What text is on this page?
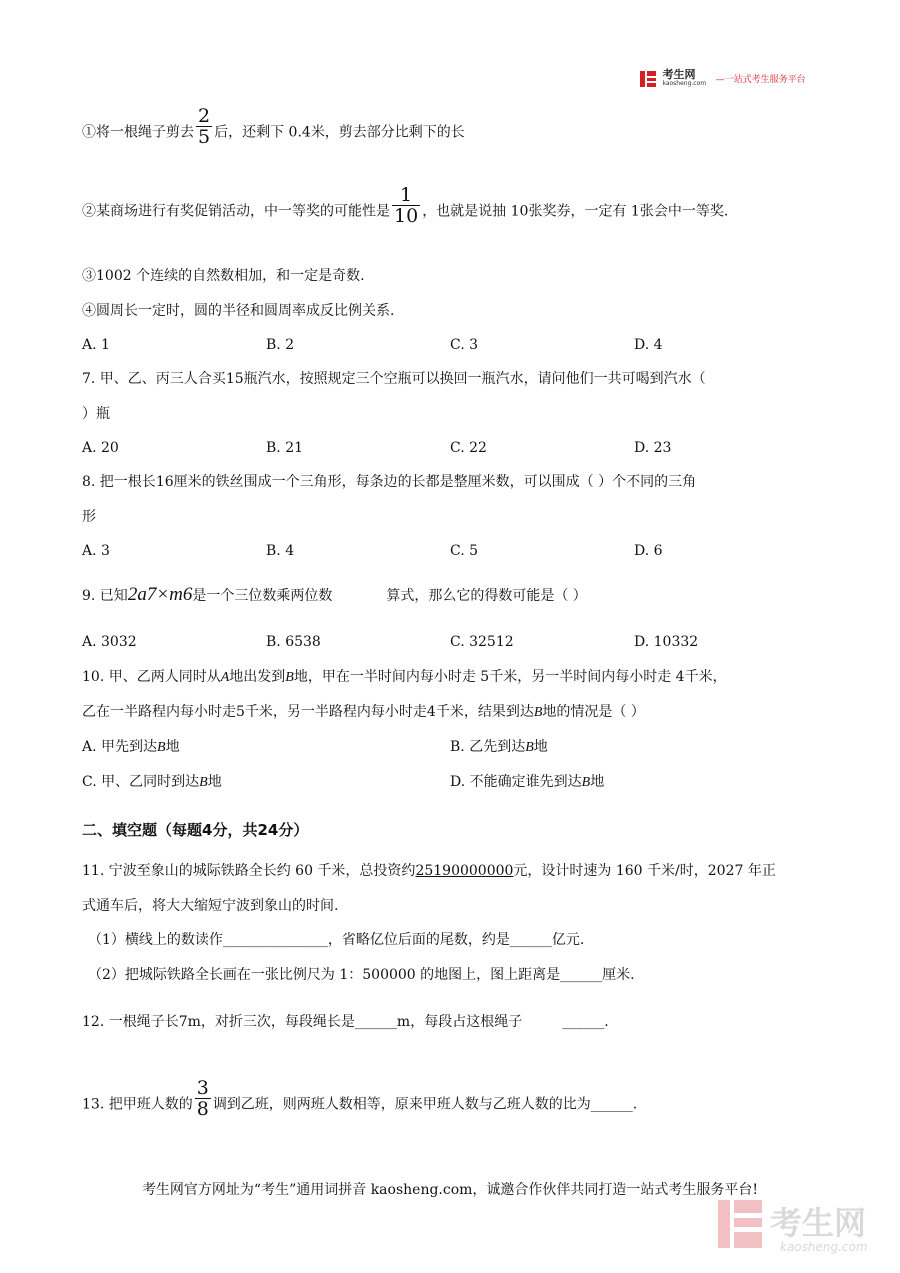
考生网
kaosheng.com —一站式考生服务平台
①将一根绳子剪去 $\frac{2}{5}$ 后，还剩下 0.4米，剪去部分比剩下的长
②某商场进行有奖促销活动，中一等奖的可能性是 $\frac{1}{10}$ ，也就是说抽 10张奖券，一定有 1张会中一等奖.
③1002 个连续的自然数相加，和一定是奇数.
④圆周长一定时，圆的半径和圆周率成反比例关系.
A. 1	B. 2	C. 3	D. 4
7. 甲、乙、丙三人合买15瓶汽水，按照规定三个空瓶可以换回一瓶汽水，请问他们一共可喝到汽水（
）瓶
A. 20	B. 21	C. 22	D. 23
8. 把一根长16厘米的铁丝围成一个三角形，每条边的长都是整厘米数，可以围成（ ）个不同的三角
形
A. 3	B. 4	C. 5	D. 6
9. 已知2a7×m6是一个三位数乘两位数	算式，那么它的得数可能是（ ）
A. 3032	B. 6538	C. 32512	D. 10332
10. 甲、乙两人同时从A地出发到B地，甲在一半时间内每小时走 5千米，另一半时间内每小时走 4千米，
乙在一半路程内每小时走5千米，另一半路程内每小时走4千米，结果到达B地的情况是（ ）
A. 甲先到达B地	B. 乙先到达B地
C. 甲、乙同时到达B地	D. 不能确定谁先到达B地
二、填空题（每题4分，共24分）
11. 宁波至象山的城际铁路全长约 60 千米，总投资约25190000000元，设计时速为 160 千米/时，2027 年正
式通车后，将大大缩短宁波到象山的时间.
（1）横线上的数读作_______________，省略亿位后面的尾数，约是______亿元.
（2）把城际铁路全长画在一张比例尺为 1：500000 的地图上，图上距离是______厘米.
12. 一根绳子长7m，对折三次，每段绳长是______m，每段占这根绳子	______.
13. 把甲班人数的 $\frac{3}{8}$ 调到乙班，则两班人数相等，原来甲班人数与乙班人数的比为______.
考生网官方网址为“考生”通用词拼音 kaosheng.com，诚邀合作伙伴共同打造一站式考生服务平台!
考生网
kaosheng.com
